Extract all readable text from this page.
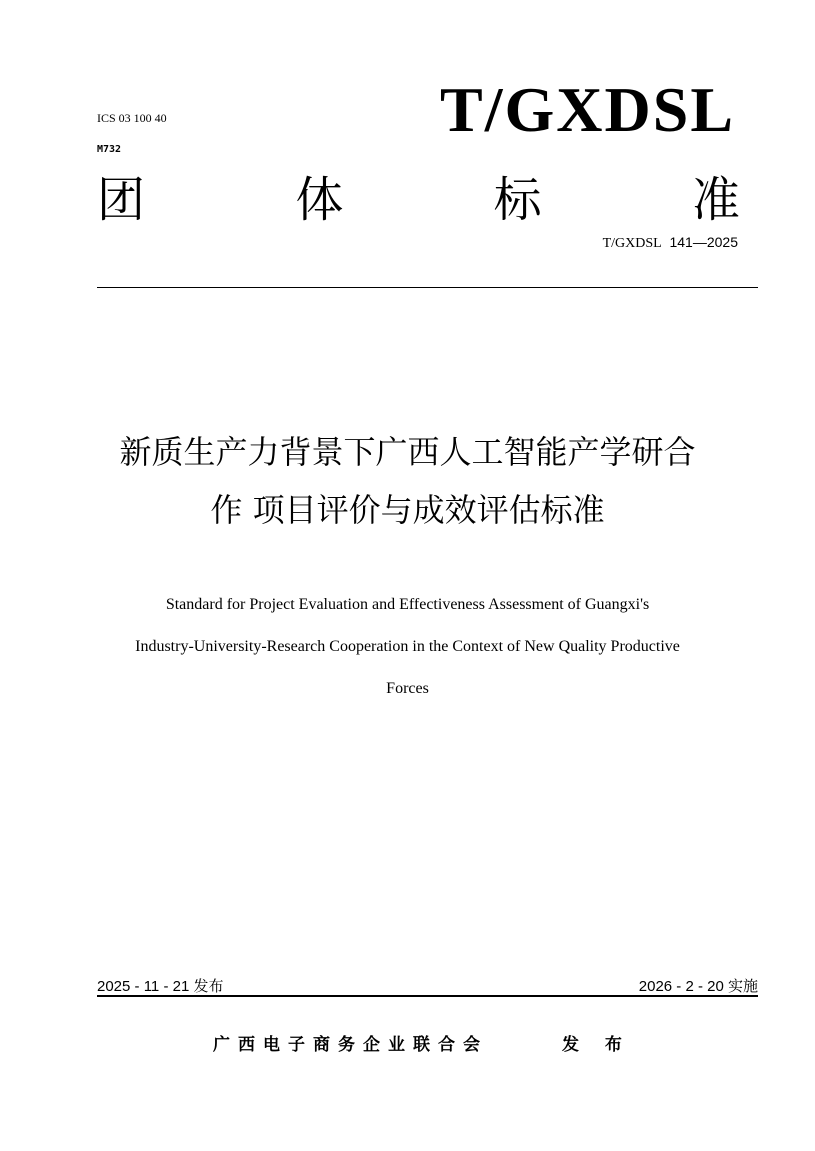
ICS 03 100 40
M732
T/GXDSL
团	体	标	准
T/GXDSL 141—2025
新质生产力背景下广西人工智能产学研合
作 项目评价与成效评估标准
Standard for Project Evaluation and Effectiveness Assessment of Guangxi's
Industry-University-Research Cooperation in the Context of New Quality Productive
Forces
2025 - 11 - 21 发布	2026 - 2 - 20 实施
广西电子商务企业联合会	发 布
